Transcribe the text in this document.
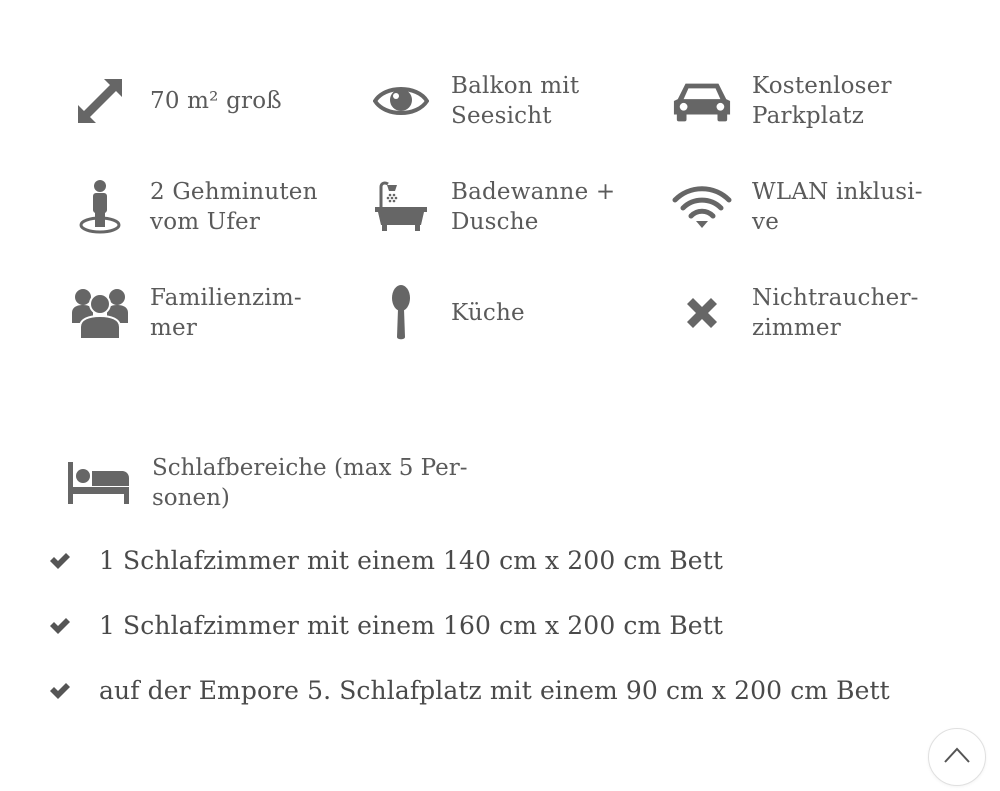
70 m² groß
Balkon mit
Seesicht
Kostenloser
Parkplatz
2 Gehminuten
vom Ufer
Badewanne +
Dusche
WLAN inklusi-
ve
Familienzim-
mer
Küche
Nichtraucher-
zimmer
Schlafbereiche (max 5 Per-
sonen)
1 Schlafzimmer mit einem 140 cm x 200 cm Bett
1 Schlafzimmer mit einem 160 cm x 200 cm Bett
auf der Empore 5. Schlafplatz mit einem 90 cm x 200 cm Bett
